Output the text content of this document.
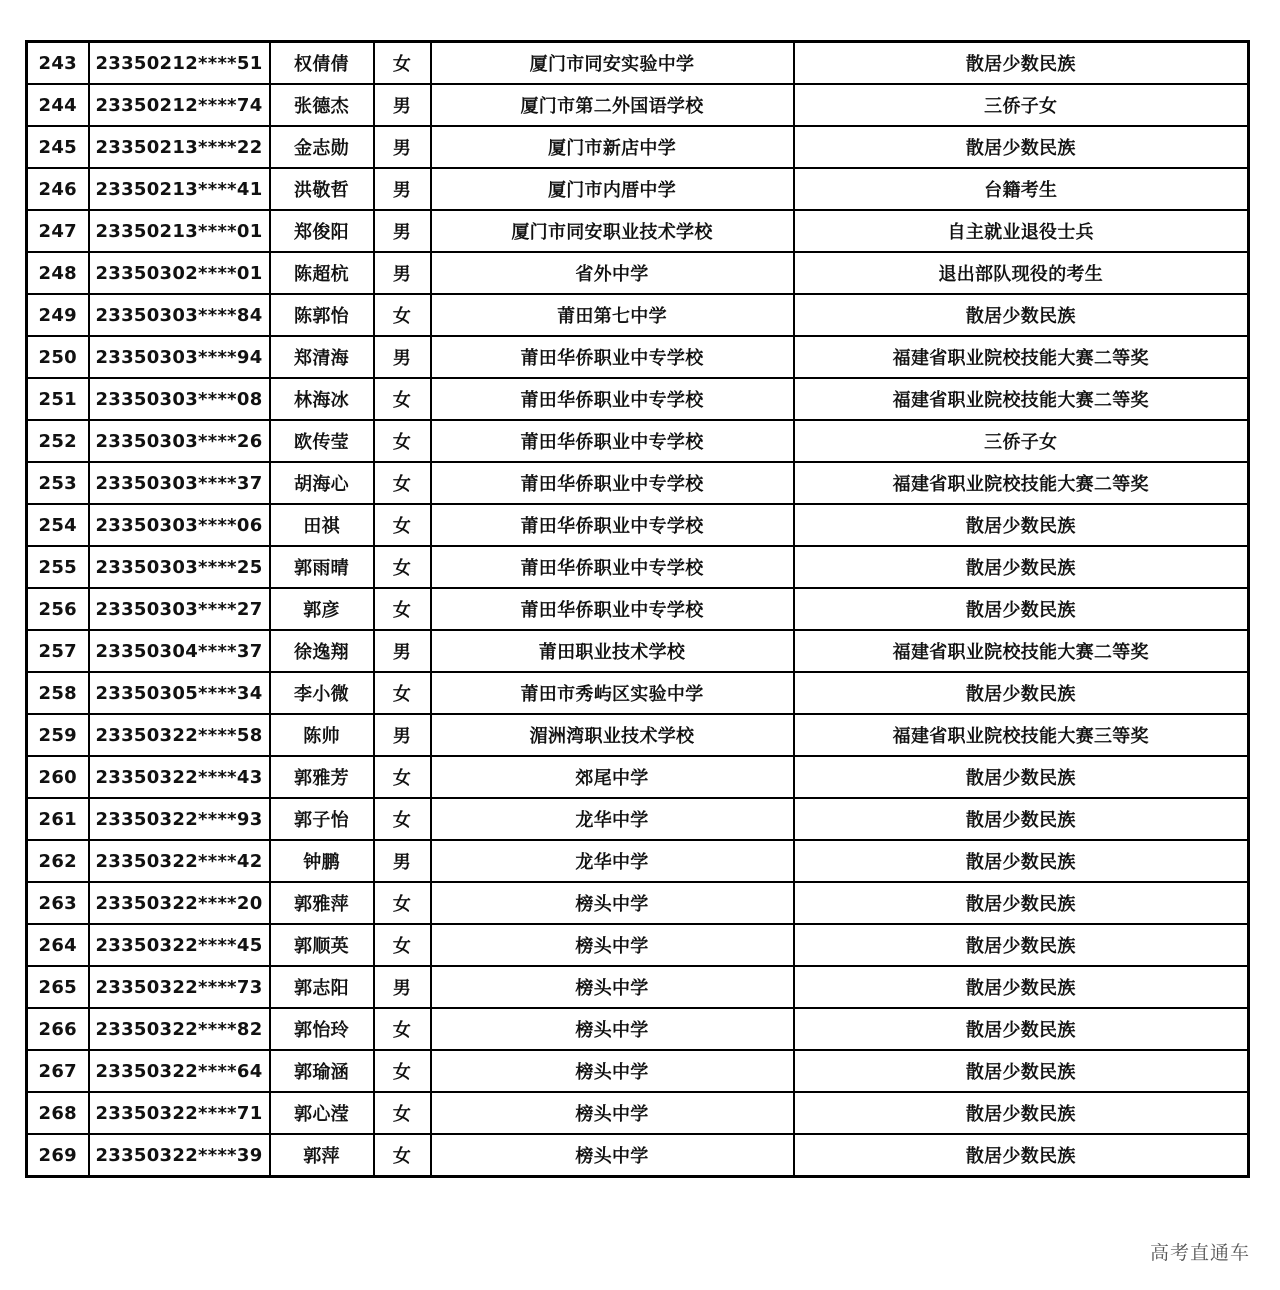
243	23350212****51	权倩倩	女	厦门市同安实验中学	散居少数民族
244	23350212****74	张德杰	男	厦门市第二外国语学校	三侨子女
245	23350213****22	金志勋	男	厦门市新店中学	散居少数民族
246	23350213****41	洪敬哲	男	厦门市内厝中学	台籍考生
247	23350213****01	郑俊阳	男	厦门市同安职业技术学校	自主就业退役士兵
248	23350302****01	陈超杭	男	省外中学	退出部队现役的考生
249	23350303****84	陈郭怡	女	莆田第七中学	散居少数民族
250	23350303****94	郑清海	男	莆田华侨职业中专学校	福建省职业院校技能大赛二等奖
251	23350303****08	林海冰	女	莆田华侨职业中专学校	福建省职业院校技能大赛二等奖
252	23350303****26	欧传莹	女	莆田华侨职业中专学校	三侨子女
253	23350303****37	胡海心	女	莆田华侨职业中专学校	福建省职业院校技能大赛二等奖
254	23350303****06	田祺	女	莆田华侨职业中专学校	散居少数民族
255	23350303****25	郭雨晴	女	莆田华侨职业中专学校	散居少数民族
256	23350303****27	郭彦	女	莆田华侨职业中专学校	散居少数民族
257	23350304****37	徐逸翔	男	莆田职业技术学校	福建省职业院校技能大赛二等奖
258	23350305****34	李小微	女	莆田市秀屿区实验中学	散居少数民族
259	23350322****58	陈帅	男	湄洲湾职业技术学校	福建省职业院校技能大赛三等奖
260	23350322****43	郭雅芳	女	郊尾中学	散居少数民族
261	23350322****93	郭子怡	女	龙华中学	散居少数民族
262	23350322****42	钟鹏	男	龙华中学	散居少数民族
263	23350322****20	郭雅萍	女	榜头中学	散居少数民族
264	23350322****45	郭顺英	女	榜头中学	散居少数民族
265	23350322****73	郭志阳	男	榜头中学	散居少数民族
266	23350322****82	郭怡玲	女	榜头中学	散居少数民族
267	23350322****64	郭瑜涵	女	榜头中学	散居少数民族
268	23350322****71	郭心滢	女	榜头中学	散居少数民族
269	23350322****39	郭萍	女	榜头中学	散居少数民族
高考直通车
